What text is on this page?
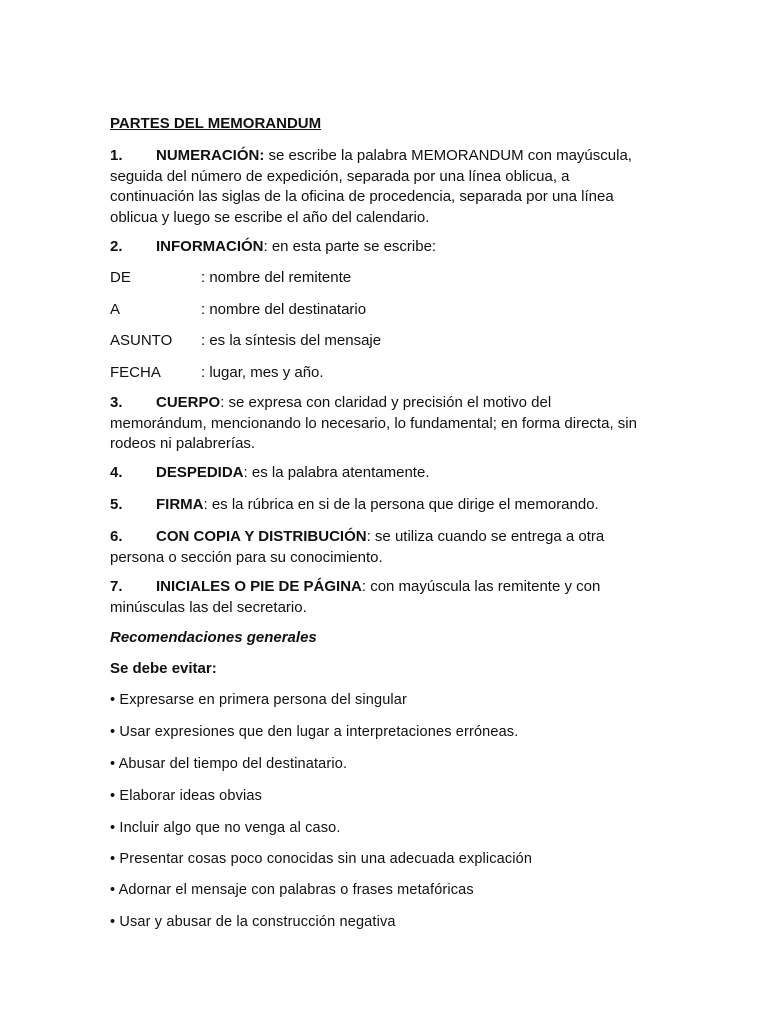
PARTES DEL MEMORANDUM
1. NUMERACIÓN: se escribe la palabra MEMORANDUM con mayúscula,
seguida del número de expedición, separada por una línea oblicua, a
continuación las siglas de la oficina de procedencia, separada por una línea
oblicua y luego se escribe el año del calendario.
2. INFORMACIÓN: en esta parte se escribe:
DE	: nombre del remitente
A	: nombre del destinatario
ASUNTO : es la síntesis del mensaje
FECHA	: lugar, mes y año.
3. CUERPO: se expresa con claridad y precisión el motivo del
memorándum, mencionando lo necesario, lo fundamental; en forma directa, sin
rodeos ni palabrerías.
4. DESPEDIDA: es la palabra atentamente.
5. FIRMA: es la rúbrica en si de la persona que dirige el memorando.
6. CON COPIA Y DISTRIBUCIÓN: se utiliza cuando se entrega a otra
persona o sección para su conocimiento.
7. INICIALES O PIE DE PÁGINA: con mayúscula las remitente y con
minúsculas las del secretario.
Recomendaciones generales
Se debe evitar:
• Expresarse en primera persona del singular
• Usar expresiones que den lugar a interpretaciones erróneas.
• Abusar del tiempo del destinatario.
• Elaborar ideas obvias
• Incluir algo que no venga al caso.
• Presentar cosas poco conocidas sin una adecuada explicación
• Adornar el mensaje con palabras o frases metafóricas
• Usar y abusar de la construcción negativa
